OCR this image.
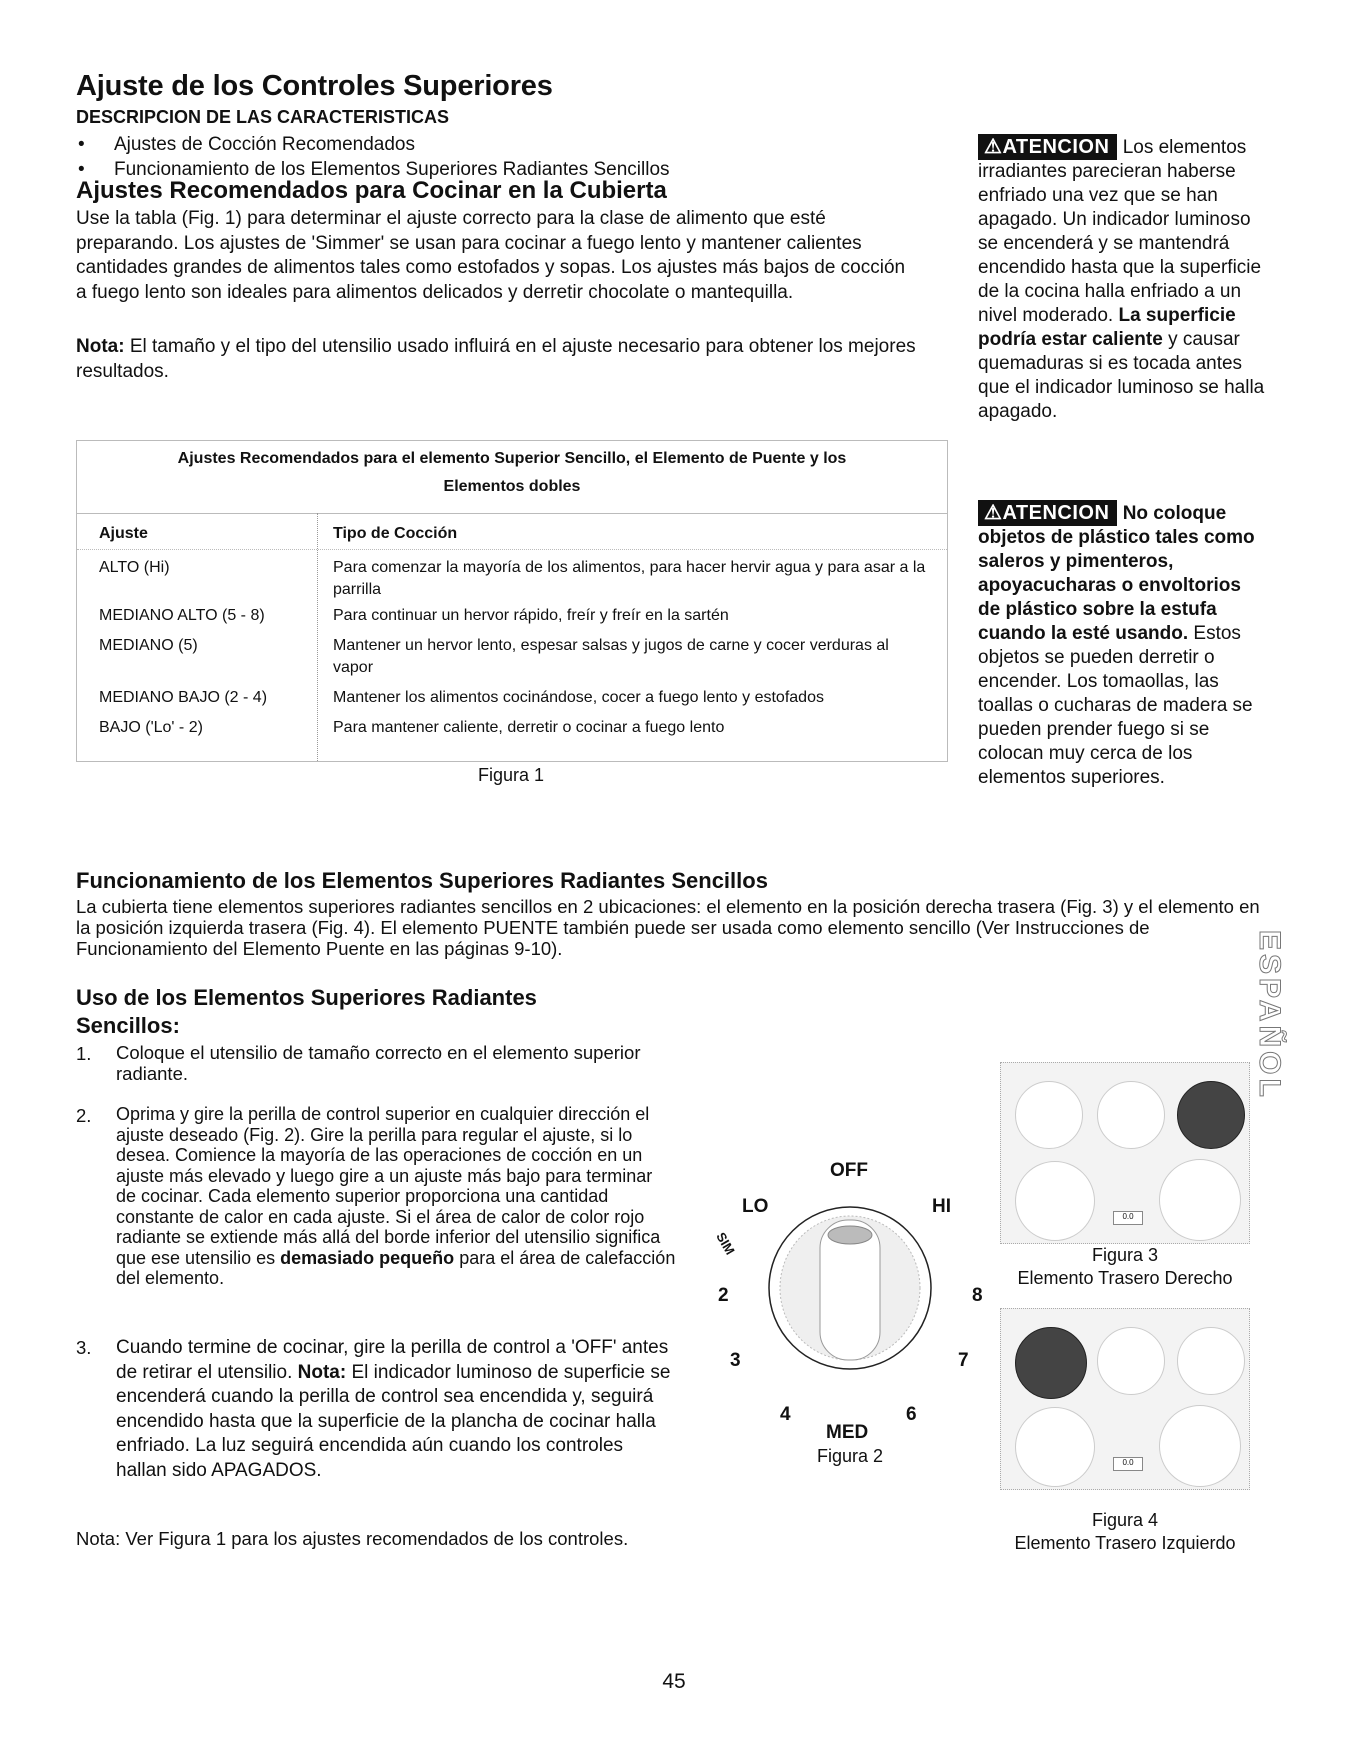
Ajuste de los Controles Superiores
DESCRIPCION DE LAS CARACTERISTICAS
• Ajustes de Cocción Recomendados
• Funcionamiento de los Elementos Superiores Radiantes Sencillos
Ajustes Recomendados para Cocinar en la Cubierta
Use la tabla (Fig. 1) para determinar el ajuste correcto para la clase de alimento que esté preparando. Los ajustes de 'Simmer' se usan para cocinar a fuego lento y mantener calientes cantidades grandes de alimentos tales como estofados y sopas. Los ajustes más bajos de cocción a fuego lento son ideales para alimentos delicados y derretir chocolate o mantequilla.
Nota: El tamaño y el tipo del utensilio usado influirá en el ajuste necesario para obtener los mejores resultados.
Ajustes Recomendados para el elemento Superior Sencillo, el Elemento de Puente y los Elementos dobles
Ajuste	Tipo de Cocción
ALTO (Hi)	Para comenzar la mayoría de los alimentos, para hacer hervir agua y para asar a la parrilla
MEDIANO ALTO (5 - 8)	Para continuar un hervor rápido, freír y freír en la sartén
MEDIANO (5)	Mantener un hervor lento, espesar salsas y jugos de carne y cocer verduras al vapor
MEDIANO BAJO (2 - 4)	Mantener los alimentos cocinándose, cocer a fuego lento y estofados
BAJO ('Lo' - 2)	Para mantener caliente, derretir o cocinar a fuego lento
Figura 1
⚠ATENCION Los elementos irradiantes parecieran haberse enfriado una vez que se han apagado. Un indicador luminoso se encenderá y se mantendrá encendido hasta que la superficie de la cocina halla enfriado a un nivel moderado. La superficie podría estar caliente y causar quemaduras si es tocada antes que el indicador luminoso se halla apagado.
⚠ATENCION No coloque objetos de plástico tales como saleros y pimenteros, apoyacucharas o envoltorios de plástico sobre la estufa cuando la esté usando. Estos objetos se pueden derretir o encender. Los tomaollas, las toallas o cucharas de madera se pueden prender fuego si se colocan muy cerca de los elementos superiores.
Funcionamiento de los Elementos Superiores Radiantes Sencillos
La cubierta tiene elementos superiores radiantes sencillos en 2 ubicaciones: el elemento en la posición derecha trasera (Fig. 3) y el elemento en la posición izquierda trasera (Fig. 4). El elemento PUENTE también puede ser usada como elemento sencillo (Ver Instrucciones de Funcionamiento del Elemento Puente en las páginas 9-10).
Uso de los Elementos Superiores Radiantes
Sencillos:
1. Coloque el utensilio de tamaño correcto en el elemento superior radiante.
2. Oprima y gire la perilla de control superior en cualquier dirección el ajuste deseado (Fig. 2). Gire la perilla para regular el ajuste, si lo desea. Comience la mayoría de las operaciones de cocción en un ajuste más elevado y luego gire a un ajuste más bajo para terminar de cocinar. Cada elemento superior proporciona una cantidad constante de calor en cada ajuste. Si el área de calor de color rojo radiante se extiende más allá del borde inferior del utensilio significa que ese utensilio es demasiado pequeño para el área de calefacción del elemento.
3. Cuando termine de cocinar, gire la perilla de control a 'OFF' antes de retirar el utensilio. Nota: El indicador luminoso de superficie se encenderá cuando la perilla de control sea encendida y, seguirá encendido hasta que la superficie de la plancha de cocinar halla enfriado. La luz seguirá encendida aún cuando los controles hallan sido APAGADOS.
Nota: Ver Figura 1 para los ajustes recomendados de los controles.
OFF
LO	HI
SIM
2
3
4	6
7
8
MED
Figura 2
0.0
Figura 3
Elemento Trasero Derecho
0.0
Figura 4
Elemento Trasero Izquierdo
ESPAÑOL
45
